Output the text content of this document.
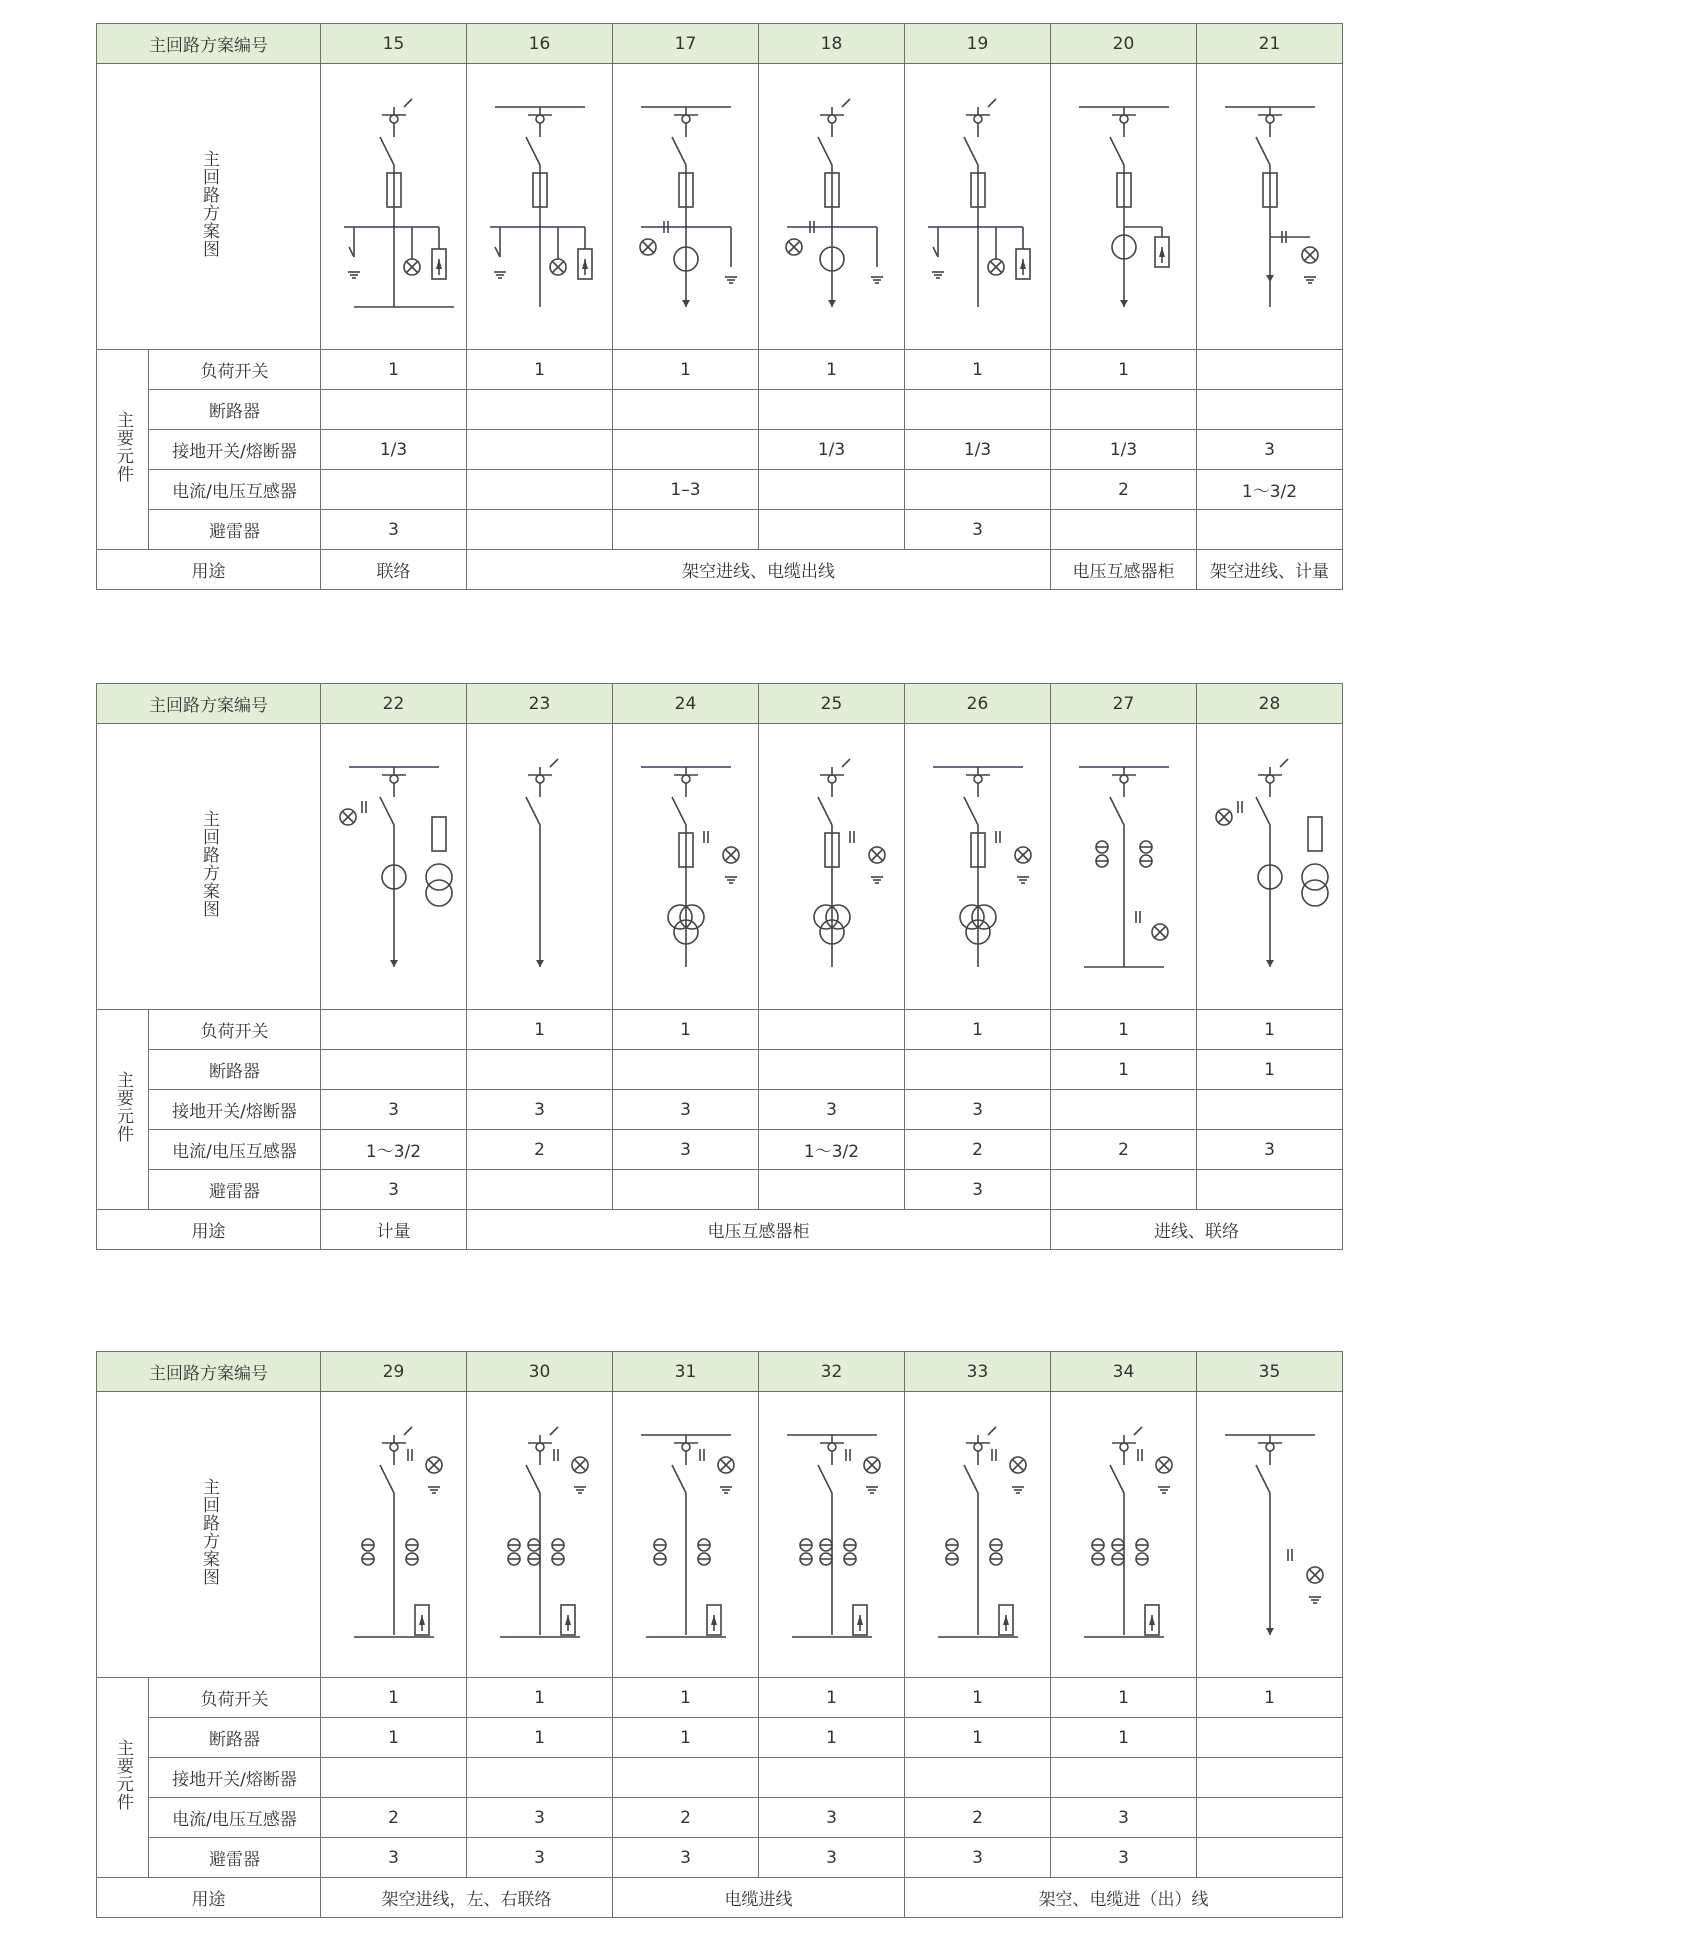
主回路方案编号		15	16	17	18	19	20	21
主回路方案图	

主要元件	负荷开关	1	1	1	1	1	1	
	断路器							
	接地开关/熔断器	1/3			1/3	1/3	1/3	3
	电流/电压互感器			1–3			2	1～3/2
	避雷器	3				3		
用途		联络	架空进线、电缆出线				电压互感器柜	架空进线、计量
主回路方案编号		22	23	24	25	26	27	28
主回路方案图	

主要元件	负荷开关		1	1		1	1	1
	断路器						1	1
	接地开关/熔断器	3	3	3	3	3		
	电流/电压互感器	1～3/2	2	3	1～3/2	2	2	3
	避雷器	3				3		
用途		计量	电压互感器柜				进线、联络	
主回路方案编号		29	30	31	32	33	34	35
主回路方案图	

主要元件	负荷开关	1	1	1	1	1	1	1
	断路器	1	1	1	1	1	1	
	接地开关/熔断器							
	电流/电压互感器	2	3	2	3	2	3	
	避雷器	3	3	3	3	3	3	
用途		架空进线，左、右联络		电缆进线		架空、电缆进（出）线		
